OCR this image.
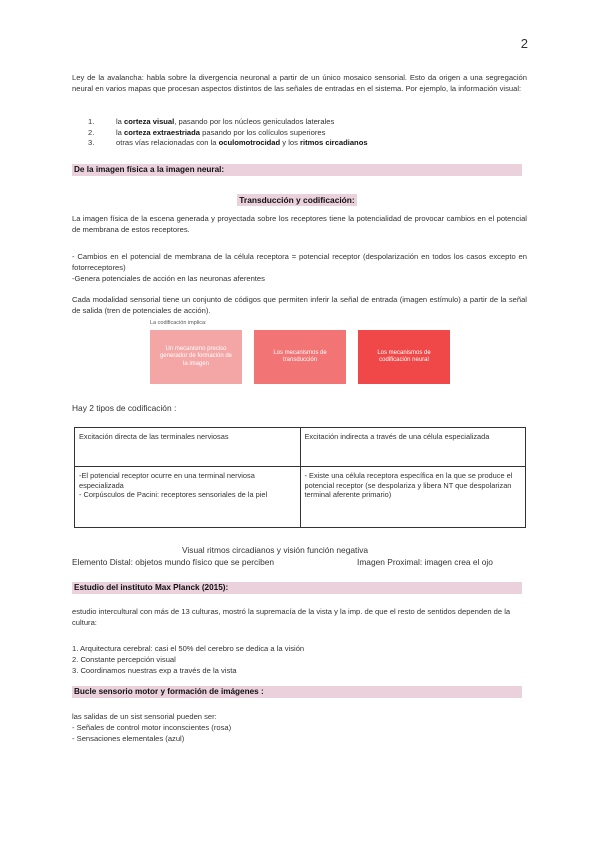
2
Ley de la avalancha: habla sobre la divergencia neuronal a partir de un único mosaico sensorial. Esto da origen a una segregación neural en varios mapas que procesan aspectos distintos de las señales de entradas en el sistema. Por ejemplo, la información visual:
1.	la corteza visual, pasando por los núcleos geniculados laterales
2.	la corteza extraestriada pasando por los colículos superiores
3.	otras vías relacionadas con la oculomotrocidad y los ritmos circadianos
De la imagen física a la imagen neural:
Transducción y codificación:
La imagen física de la escena generada y proyectada sobre los receptores tiene la potencialidad de provocar cambios en el potencial de membrana de estos receptores.
- Cambios en el potencial de membrana de la célula receptora = potencial receptor (despolarización en todos los casos excepto en fotorreceptores)
-Genera potenciales de acción en las neuronas aferentes
Cada modalidad sensorial tiene un conjunto de códigos que permiten inferir la señal de entrada (imagen estímulo) a partir de la señal de salida (tren de potenciales de acción).
La codificación implica:
Un mecanismo preciso generador de formación de la imagen
Los mecanismos de transducción
Los mecanismos de codificación neural
Hay 2 tipos de codificación :
Excitación directa de las terminales nerviosas	Excitación indirecta a través de una célula especializada
-El potencial receptor ocurre en una terminal nerviosa especializada
- Corpúsculos de Pacini: receptores sensoriales de la piel	- Existe una célula receptora específica en la que se produce el potencial receptor (se despolariza y libera NT que despolarizan terminal aferente primario)
Visual ritmos circadianos y visión función negativa
Elemento Distal: objetos mundo físico que se perciben	Imagen Proximal: imagen crea el ojo
Estudio del instituto Max Planck (2015):
estudio intercultural con más de 13 culturas, mostró la supremacía de la vista y la imp. de que el resto de sentidos dependen de la cultura:
1. Arquitectura cerebral: casi el 50% del cerebro se dedica a la visión
2. Constante percepción visual
3. Coordinamos nuestras exp a través de la vista
Bucle sensorio motor y formación de imágenes :
las salidas de un sist sensorial pueden ser:
- Señales de control motor inconscientes (rosa)
- Sensaciones elementales (azul)
